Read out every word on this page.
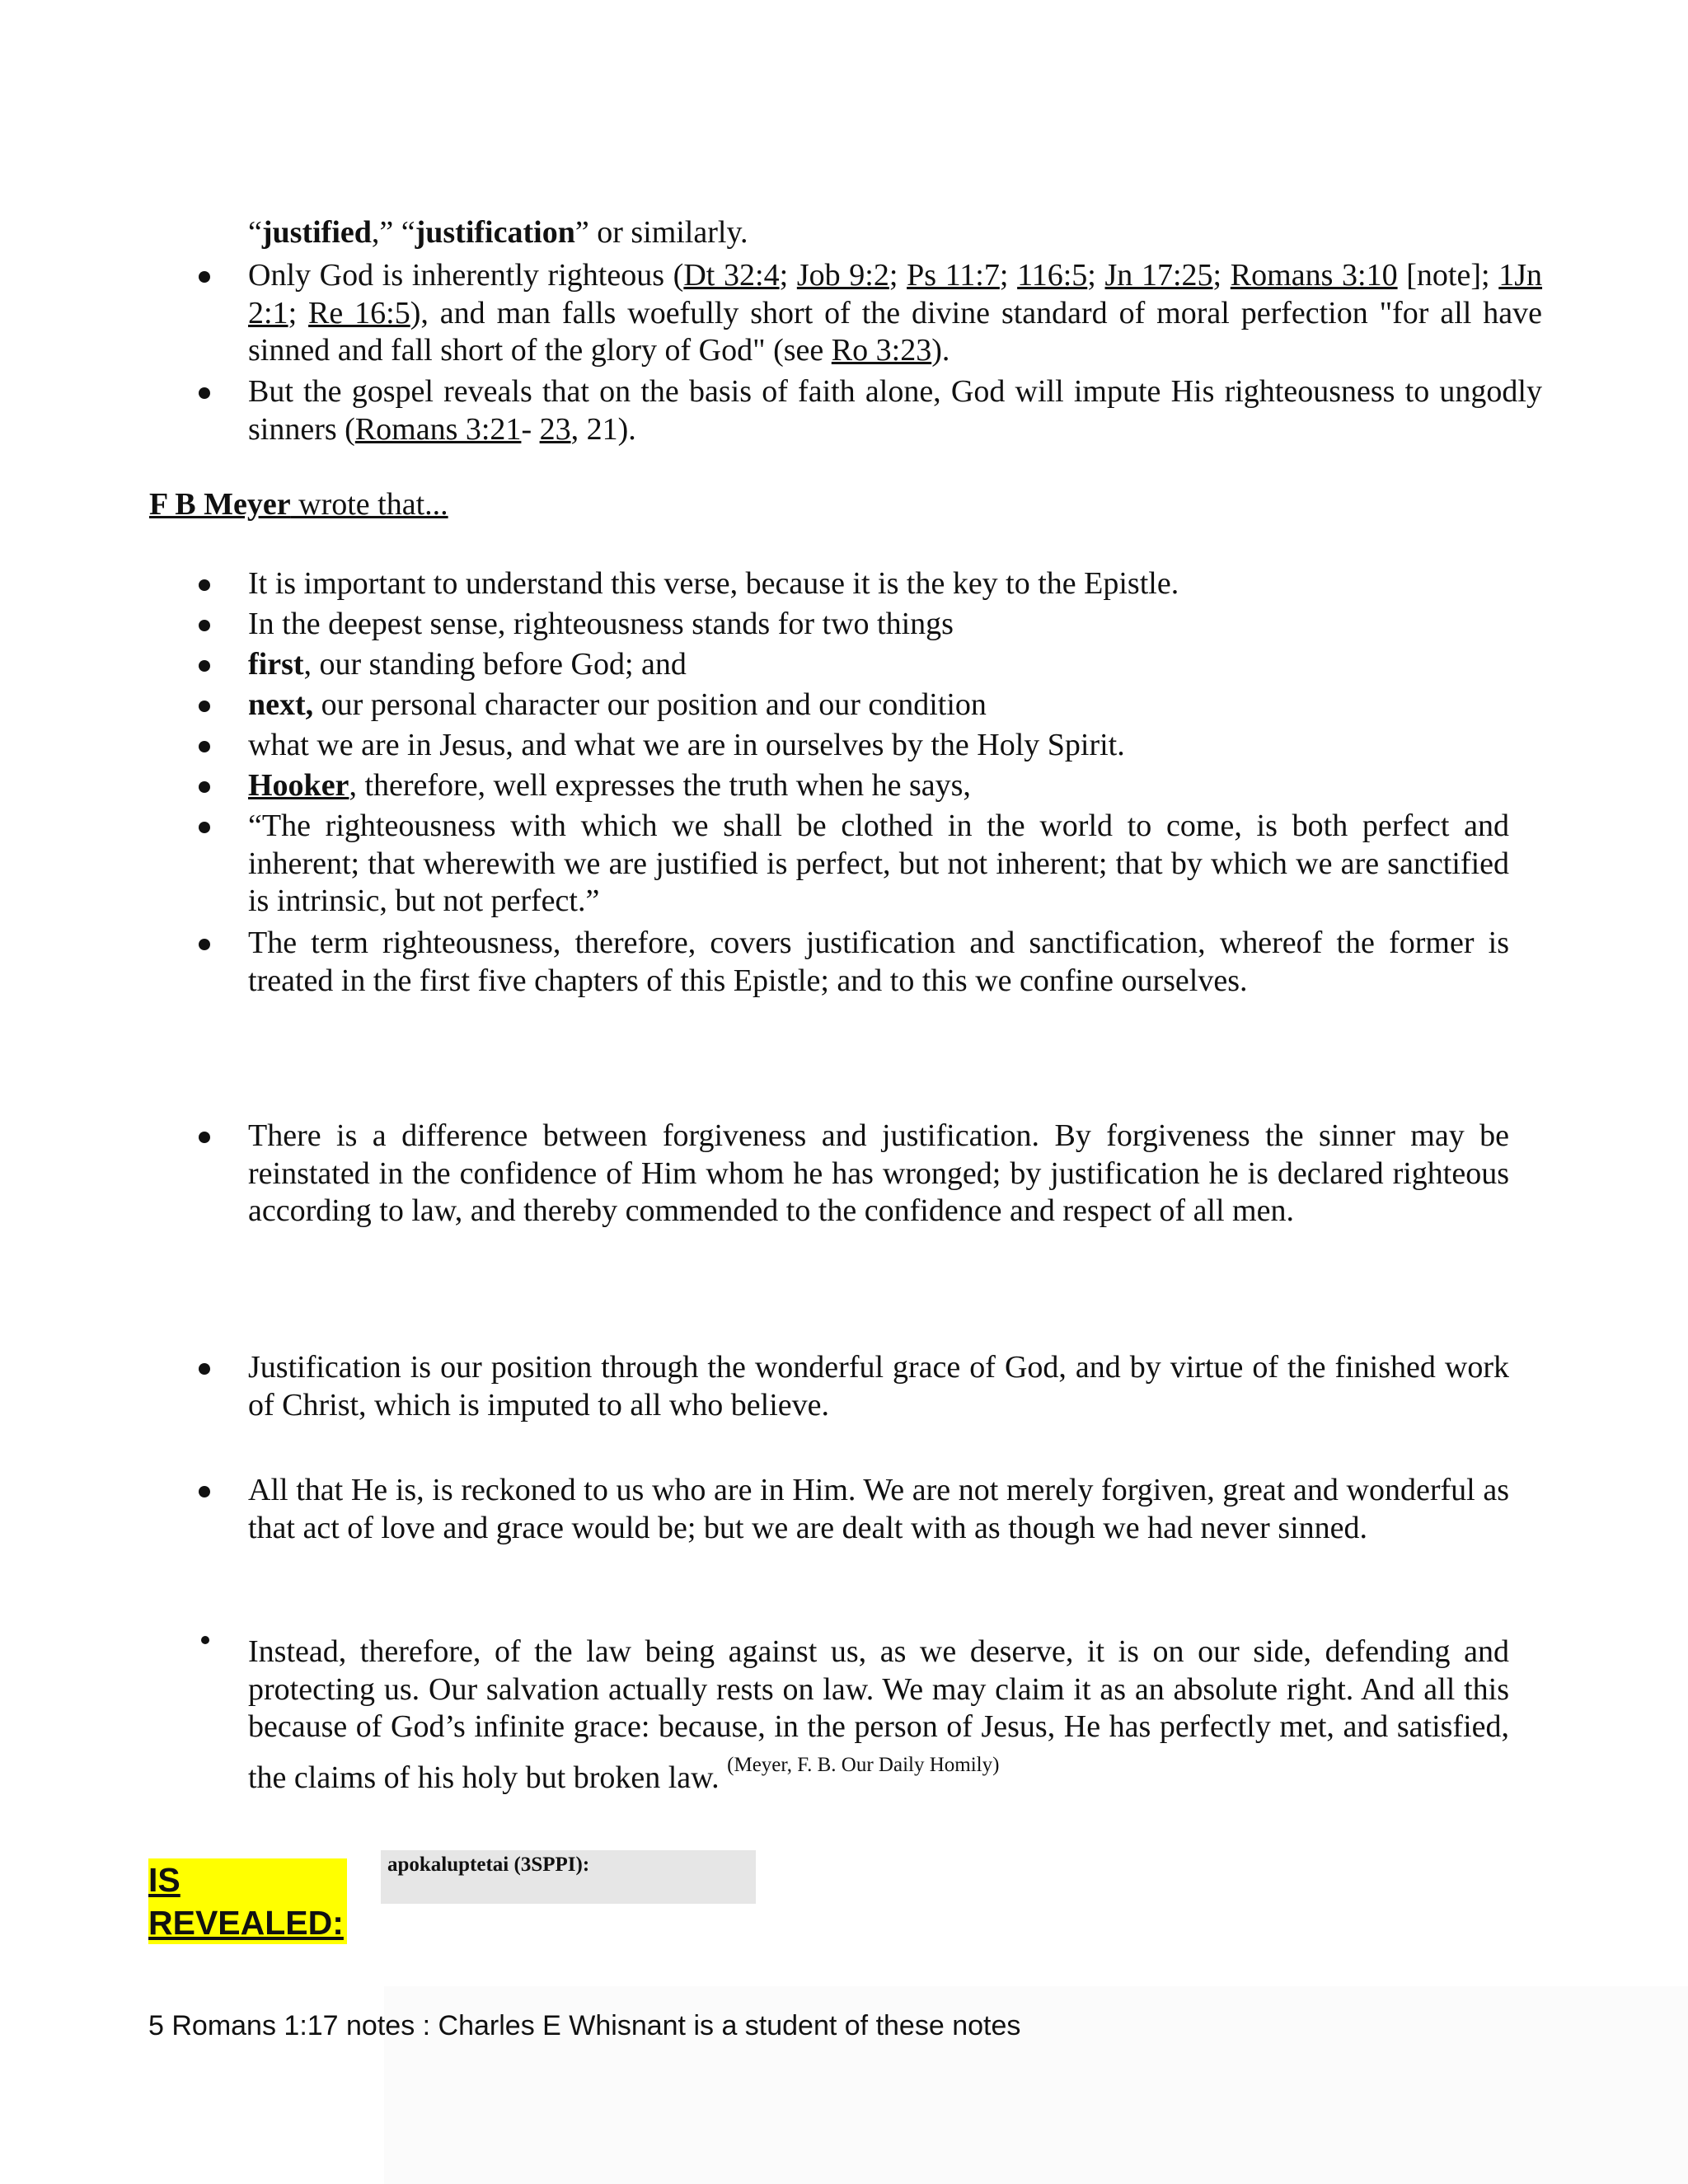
“justified,” “justification” or similarly.
Only God is inherently righteous (Dt 32:4; Job 9:2; Ps 11:7; 116:5; Jn 17:25; Romans 3:10 [note]; 1Jn 2:1; Re 16:5), and man falls woefully short of the divine standard of moral perfection "for all have sinned and fall short of the glory of God" (see Ro 3:23).
But the gospel reveals that on the basis of faith alone, God will impute His righteousness to ungodly sinners (Romans 3:21- 23, 21).
F B Meyer wrote that...
It is important to understand this verse, because it is the key to the Epistle.
In the deepest sense, righteousness stands for two things
first, our standing before God; and
next, our personal character our position and our condition
what we are in Jesus, and what we are in ourselves by the Holy Spirit.
Hooker, therefore, well expresses the truth when he says,
“The righteousness with which we shall be clothed in the world to come, is both perfect and inherent; that wherewith we are justified is perfect, but not inherent; that by which we are sanctified is intrinsic, but not perfect.”
The term righteousness, therefore, covers justification and sanctification, whereof the former is treated in the first five chapters of this Epistle; and to this we confine ourselves.
There is a difference between forgiveness and justification. By forgiveness the sinner may be reinstated in the confidence of Him whom he has wronged; by justification he is declared righteous according to law, and thereby commended to the confidence and respect of all men.
Justification is our position through the wonderful grace of God, and by virtue of the finished work of Christ, which is imputed to all who believe.
All that He is, is reckoned to us who are in Him. We are not merely forgiven, great and wonderful as that act of love and grace would be; but we are dealt with as though we had never sinned.
Instead, therefore, of the law being against us, as we deserve, it is on our side, defending and protecting us. Our salvation actually rests on law. We may claim it as an absolute right. And all this because of God’s infinite grace: because, in the person of Jesus, He has perfectly met, and satisfied, the claims of his holy but broken law. $^{(Meyer, F. B. Our Daily Homily)}$
IS REVEALED:
apokaluptetai (3SPPI):
5 Romans 1:17 notes : Charles E Whisnant is a student of these notes
